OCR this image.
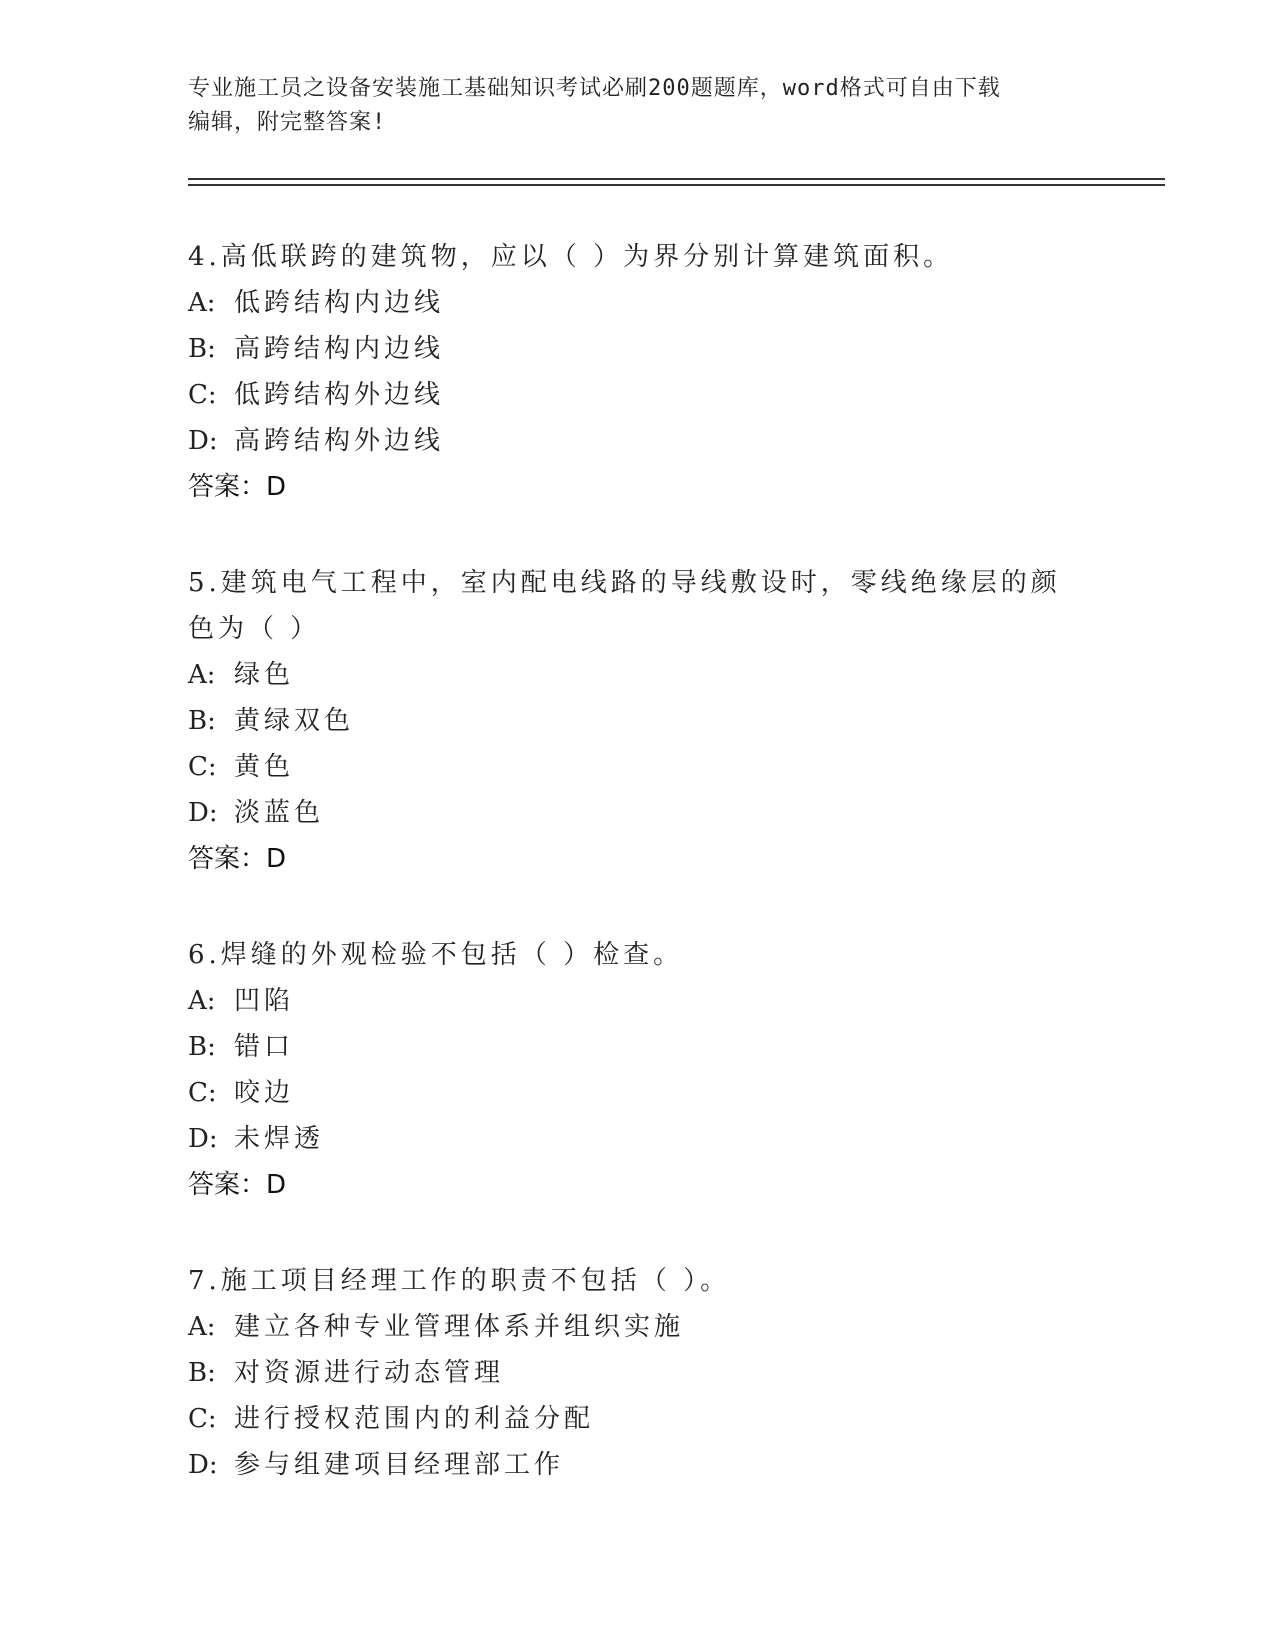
专业施工员之设备安装施工基础知识考试必刷200题题库，word格式可自由下载
编辑，附完整答案!

4.高低联跨的建筑物，应以（ ）为界分别计算建筑面积。

A: 低跨结构内边线

B: 高跨结构内边线

C: 低跨结构外边线

D: 高跨结构外边线

答案：D

5.建筑电气工程中，室内配电线路的导线敷设时，零线绝缘层的颜色为（ ）

A: 绿色

B: 黄绿双色

C: 黄色

D: 淡蓝色

答案：D

6.焊缝的外观检验不包括（ ）检查。

A: 凹陷

B: 错口

C: 咬边

D: 未焊透

答案：D

7.施工项目经理工作的职责不包括（ ）。

A: 建立各种专业管理体系并组织实施

B: 对资源进行动态管理

C: 进行授权范围内的利益分配

D: 参与组建项目经理部工作
